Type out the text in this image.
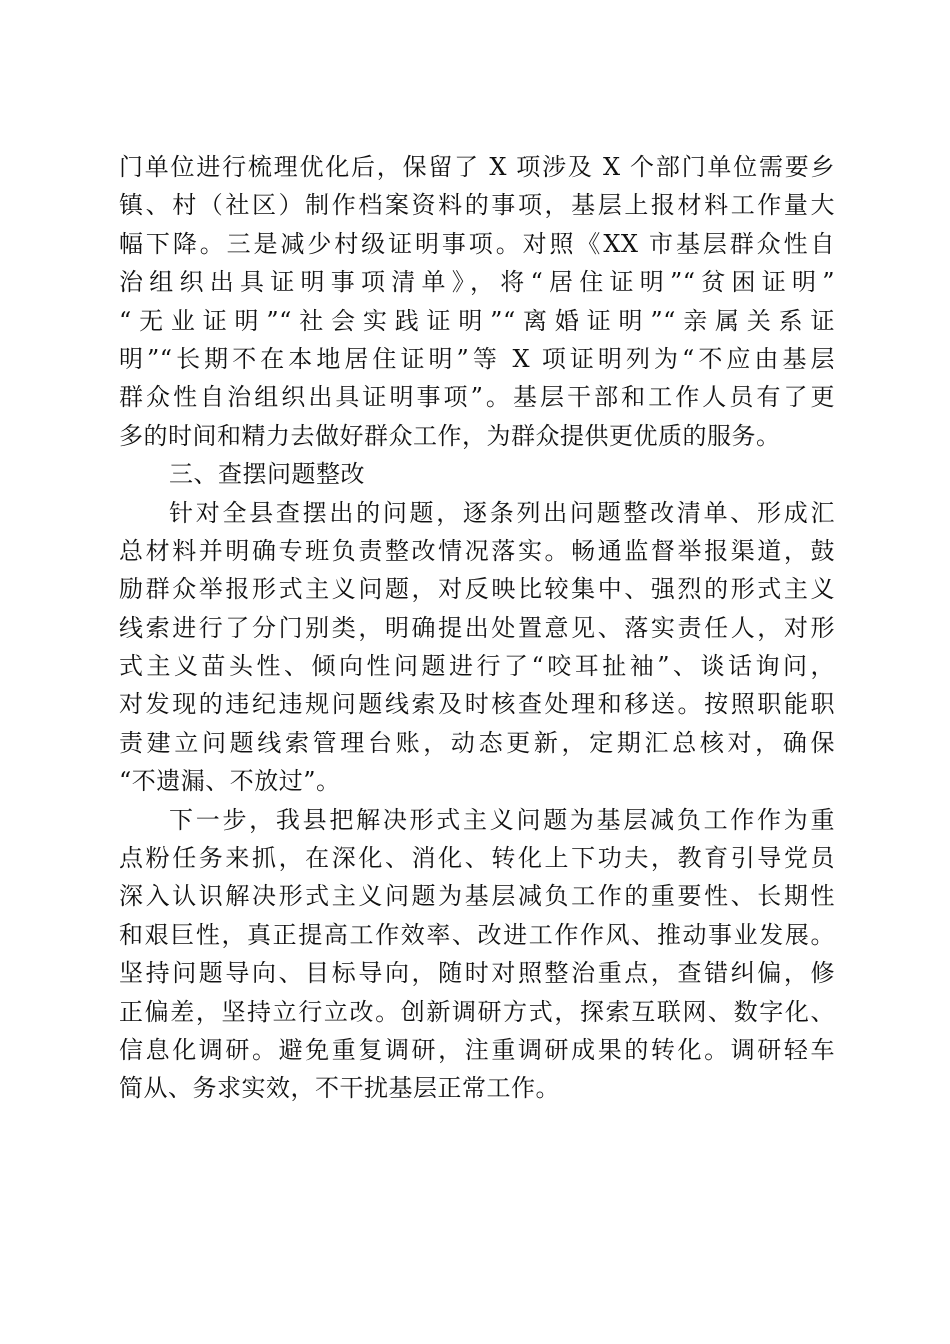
门单位进行梳理优化后，保留了 X 项涉及 X 个部门单位需要乡
镇、村（社区）制作档案资料的事项，基层上报材料工作量大
幅下降。三是减少村级证明事项。对照《XX 市基层群众性自
治组织出具证明事项清单》，将“居住证明”“贫困证明”
“无业证明”“社会实践证明”“离婚证明”“亲属关系证
明”“长期不在本地居住证明”等 X 项证明列为“不应由基层
群众性自治组织出具证明事项”。基层干部和工作人员有了更
多的时间和精力去做好群众工作，为群众提供更优质的服务。
三、查摆问题整改
针对全县查摆出的问题，逐条列出问题整改清单、形成汇
总材料并明确专班负责整改情况落实。畅通监督举报渠道，鼓
励群众举报形式主义问题，对反映比较集中、强烈的形式主义
线索进行了分门别类，明确提出处置意见、落实责任人，对形
式主义苗头性、倾向性问题进行了“咬耳扯袖”、谈话询问，
对发现的违纪违规问题线索及时核查处理和移送。按照职能职
责建立问题线索管理台账，动态更新，定期汇总核对，确保
“不遗漏、不放过”。
下一步，我县把解决形式主义问题为基层减负工作作为重
点粉任务来抓，在深化、消化、转化上下功夫，教育引导党员
深入认识解决形式主义问题为基层减负工作的重要性、长期性
和艰巨性，真正提高工作效率、改进工作作风、推动事业发展。
坚持问题导向、目标导向，随时对照整治重点，查错纠偏，修
正偏差，坚持立行立改。创新调研方式，探索互联网、数字化、
信息化调研。避免重复调研，注重调研成果的转化。调研轻车
简从、务求实效，不干扰基层正常工作。
